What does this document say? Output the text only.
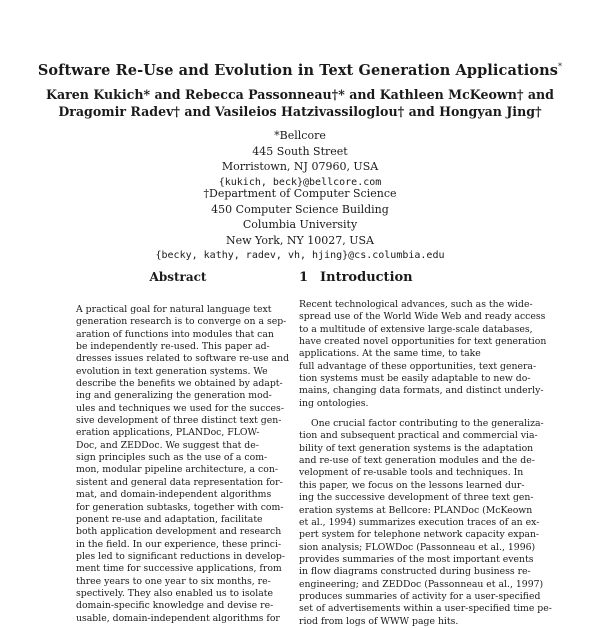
Software Re-Use and Evolution in Text Generation Applications*
Karen Kukich* and Rebecca Passonneau†* and Kathleen McKeown† and
Dragomir Radev† and Vasileios Hatzivassiloglou† and Hongyan Jing†
*Bellcore
445 South Street
Morristown, NJ 07960, USA
{kukich, beck}@bellcore.com
†Department of Computer Science
450 Computer Science Building
Columbia University
New York, NY 10027, USA
{becky, kathy, radev, vh, hjing}@cs.columbia.edu
Abstract
A practical goal for natural language text
generation research is to converge on a sep-
aration of functions into modules that can
be independently re-used. This paper ad-
dresses issues related to software re-use and
evolution in text generation systems. We
describe the benefits we obtained by adapt-
ing and generalizing the generation mod-
ules and techniques we used for the succes-
sive development of three distinct text gen-
eration applications, PLANDoc, FLOW-
Doc, and ZEDDoc. We suggest that de-
sign principles such as the use of a com-
mon, modular pipeline architecture, a con-
sistent and general data representation for-
mat, and domain-independent algorithms
for generation subtasks, together with com-
ponent re-use and adaptation, facilitate
both application development and research
in the field. In our experience, these princi-
ples led to significant reductions in develop-
ment time for successive applications, from
three years to one year to six months, re-
spectively. They also enabled us to isolate
domain-specific knowledge and devise re-
usable, domain-independent algorithms for
1 Introduction
Recent technological advances, such as the wide-
spread use of the World Wide Web and ready access
to a multitude of extensive large-scale databases,
have created novel opportunities for text generation
applications. At the same time, to take
full advantage of these opportunities, text genera-
tion systems must be easily adaptable to new do-
mains, changing data formats, and distinct underly-
ing ontologies.
One crucial factor contributing to the generaliza-
tion and subsequent practical and commercial via-
bility of text generation systems is the adaptation
and re-use of text generation modules and the de-
velopment of re-usable tools and techniques. In
this paper, we focus on the lessons learned dur-
ing the successive development of three text gen-
eration systems at Bellcore: PLANDoc (McKeown
et al., 1994) summarizes execution traces of an ex-
pert system for telephone network capacity expan-
sion analysis; FLOWDoc (Passonneau et al., 1996)
provides summaries of the most important events
in flow diagrams constructed during business re-
engineering; and ZEDDoc (Passonneau et al., 1997)
produces summaries of activity for a user-specified
set of advertisements within a user-specified time pe-
riod from logs of WWW page hits.
